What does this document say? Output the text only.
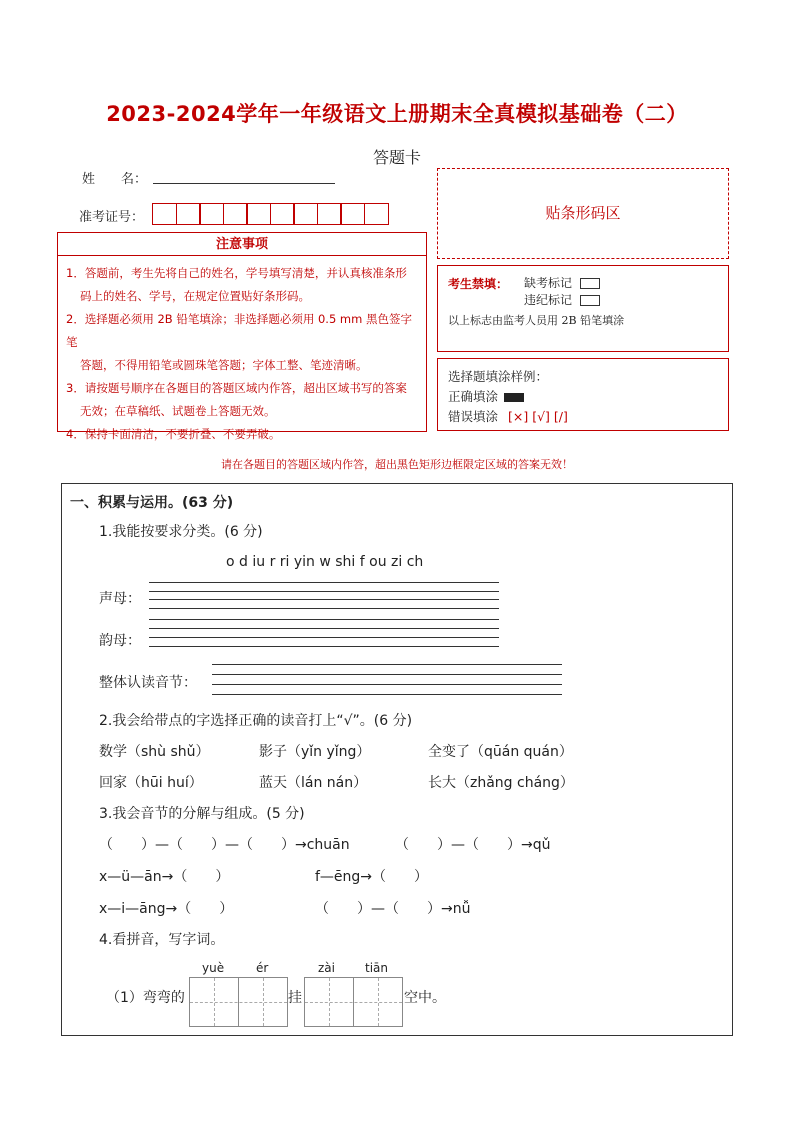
2023-2024学年一年级语文上册期末全真模拟基础卷（二）
答题卡
姓　　名：
准考证号：	贴条形码区
注意事项

1．答题前，考生先将自己的姓名，学号填写清楚，并认真核准条形

码上的姓名、学号，在规定位置贴好条形码。

2．选择题必须用 2B 铅笔填涂；非选择题必须用 0.5 mm 黑色签字笔

答题，不得用铅笔或圆珠笔答题；字体工整、笔迹清晰。

3．请按题号顺序在各题目的答题区域内作答，超出区域书写的答案

无效；在草稿纸、试题卷上答题无效。

4．保持卡面清洁，不要折叠、不要弄破。

考生禁填： 缺考标记
违纪标记
以上标志由监考人员用 2B 铅笔填涂
选择题填涂样例：
正确填涂
错误填涂 [×] [√] [/]
请在各题目的答题区域内作答，超出黑色矩形边框限定区域的答案无效！
一、积累与运用。(63 分)
1.我能按要求分类。(6 分)
o d iu r ri yin w shi f ou zi ch
声母：
韵母：
整体认读音节：
2.我会给带点的字选择正确的读音打上“√”。(6 分)
数学（shù shǔ）	影子（yǐn yǐng）	全变了（qūán quán）
回家（hūi huí）	蓝天（lán nán）	长大（zhǎng cháng）
3.我会音节的分解与组成。(5 分)
（　　）—（　　）—（　　）→chuān	（　　）—（　　）→qǔ
x—ü—ān→（　　）	f—ēng→（　　）
x—i—āng→（　　）	（　　）—（　　）→nǚ
4.看拼音，写字词。
yuè	ér	zài	tiān
（1）弯弯的	挂	空中。
